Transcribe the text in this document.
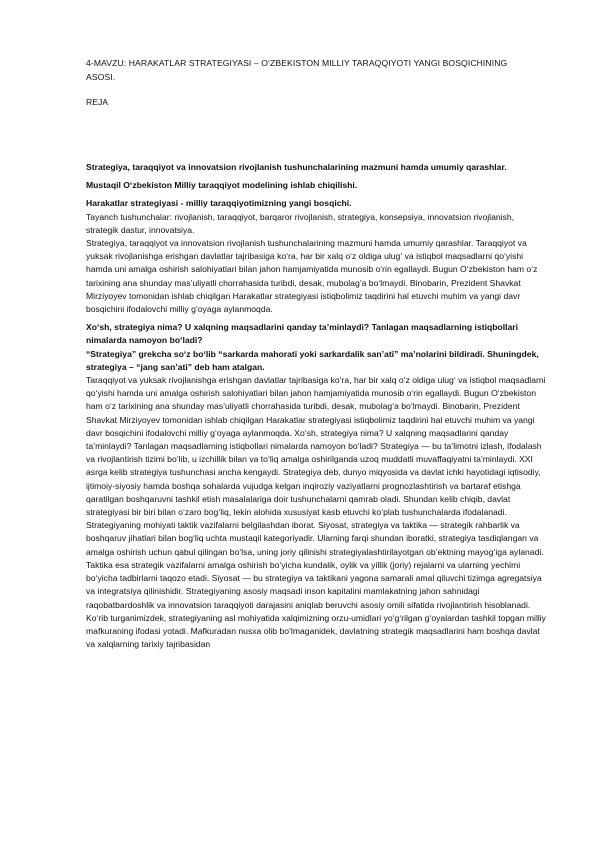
4-MAVZU: HARAKATLAR STRATEGIYASI – O‘ZBEKISTON MILLIY TARAQQIYOTI YANGI BOSQICHINING ASOSI.
REJA

Strategiya, taraqqiyot va innovatsion rivojlanish tushunchalarining mazmuni hamda umumiy qarashlar.

Mustaqil O‘zbekiston Milliy taraqqiyot modelining ishlab chiqilishi.

Harakatlar strategiyasi - milliy taraqqiyotimizning yangi bosqichi.

Tayanch tushunchalar: rivojlanish, taraqqiyot, barqaror rivojlanish, strategiya, konsepsiya, innovatsion rivojlanish, strategik dastur, innovatsiya.

Strategiya, taraqqiyot va innovatsion rivojlanish tushunchalarining mazmuni hamda umumiy qarashlar. Taraqqiyot va yuksak rivojlanishga erishgan davlatlar tajribasiga ko‘ra, har bir xalq o‘z oldiga ulug‘ va istiqbol maqsadlarni qo‘yishi hamda uni amalga oshirish salohiyatlari bilan jahon hamjamiyatida munosib o‘rin egallaydi. Bugun O‘zbekiston ham o‘z tarixining ana shunday mas’uliyatli chorrahasida turibdi, desak, mubolag‘a bo‘lmaydi. Binobarin, Prezident Shavkat Mirziyoyev tomonidan ishlab chiqilgan Harakatlar strategiyasi istiqbolimiz taqdirini hal etuvchi muhim va yangi davr bosqichini ifodalovchi milliy g‘oyaga aylanmoqda.

Xo‘sh, strategiya nima? U xalqning maqsadlarini qanday ta’minlaydi? Tanlagan maqsadlarning istiqbollari nimalarda namoyon bo‘ladi?

“Strategiya” grekcha so‘z bo‘lib “sarkarda mahorati yoki sarkardalik san’ati” ma’nolarini bildiradi. Shuningdek, strategiya – “jang san’ati” deb ham atalgan.

Taraqqiyot va yuksak rivojlanishga erishgan davlatlar tajribasiga ko‘ra, har bir xalq o‘z oldiga ulug‘ va istiqbol maqsadlarni qo‘yishi hamda uni amalga oshirish salohiyatlari bilan jahon hamjamiyatida munosib o‘rin egallaydi. Bugun O‘zbekiston ham o‘z tarixining ana shunday mas’uliyatli chorrahasida turibdi, desak, mubolag‘a bo‘lmaydi. Binobarin, Prezident Shavkat Mirziyoyev tomonidan ishlab chiqilgan Harakatlar strategiyasi istiqbolimiz taqdirini hal etuvchi muhim va yangi davr bosqichini ifodalovchi milliy g‘oyaga aylanmoqda. Xo‘sh, strategiya nima? U xalqning maqsadlarini qanday ta’minlaydi? Tanlagan maqsadlarning istiqbollari nimalarda namoyon bo‘ladi? Strategiya — bu ta’limotni izlash, ifodalash va rivojlantirish tizimi bo‘lib, u izchillik bilan va to‘liq amalga oshirilganda uzoq muddatli muvaffaqiyatni ta’minlaydi. XXI asrga kelib strategiya tushunchasi ancha kengaydi. Strategiya deb, dunyo miqyosida va davlat ichki hayotidagi iqtisodiy, ijtimoiy-siyosiy hamda boshqa sohalarda vujudga kelgan inqiroziy vaziyatlarni prognozlashtirish va bartaraf etishga qaratilgan boshqaruvni tashkil etish masalalariga doir tushunchalarni qamrab oladi. Shundan kelib chiqib, davlat strategiyasi bir biri bilan o‘zaro bog‘liq, lekin alohida xususiyat kasb etuvchi ko‘plab tushunchalarda ifodalanadi. Strategiyaning mohiyati taktik vazifalarni belgilashdan iborat. Siyosat, strategiya va taktika — strategik rahbarlik va boshqaruv jihatlari bilan bog‘liq uchta mustaqil kategoriyadir. Ularning farqi shundan iboratki, strategiya tasdiqlangan va amalga oshirish uchun qabul qilingan bo‘lsa, uning joriy qilinishi strategiyalashtirilayotgan ob’ektning mayog‘iga aylanadi. Taktika esa strategik vazifalarni amalga oshirish bo‘yicha kundalik, oylik va yillik (joriy) rejalarni va ularning yechimi bo‘yicha tadbirlarni taqozo etadi. Siyosat — bu strategiya va taktikani yagona samarali amal qiluvchi tizimga agregatsiya va integratsiya qilinishidir. Strategiyaning asosiy maqsadi inson kapitalini mamlakatning jahon sahnidagi raqobatbardoshlik va innovatsion taraqqiyoti darajasini aniqlab beruvchi asosiy omili sifatida rivojlantirish hisoblanadi. Ko‘rib turganimizdek, strategiyaning asl mohiyatida xalqimizning orzu-umidlari yo‘g‘rilgan g‘oyalardan tashkil topgan milliy mafkuraning ifodasi yotadi. Mafkuradan nusxa olib bo‘lmaganidek, davlatning strategik maqsadlarini ham boshqa davlat va xalqlarning tarixiy tajribasidan
